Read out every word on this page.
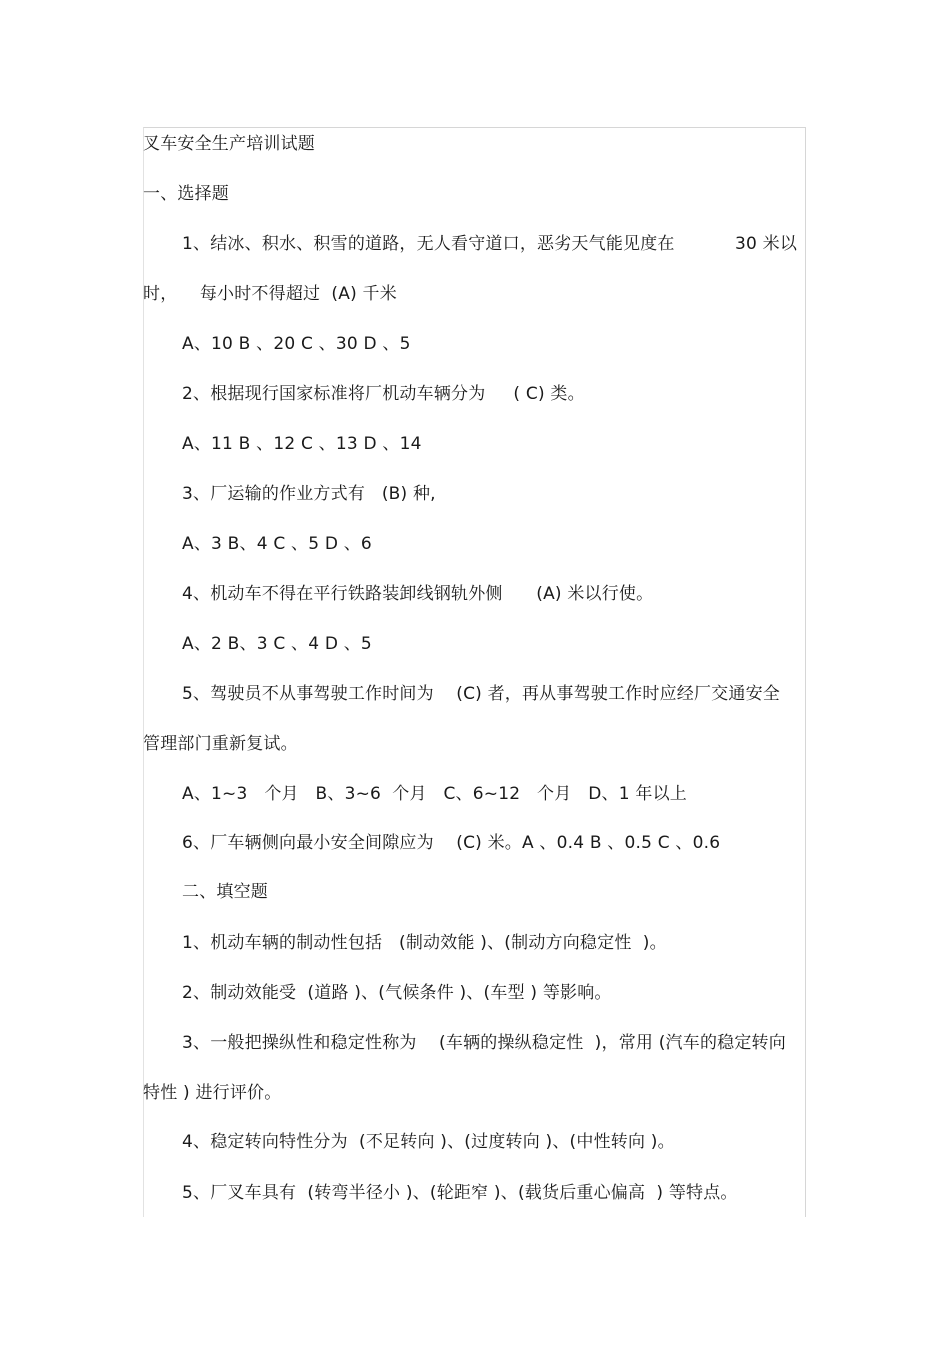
叉车安全生产培训试题
一、选择题
1、结冰、积水、积雪的道路，无人看守道口，恶劣天气能见度在	30 米以
时，    每小时不得超过  (A) 千米
A、10 B 、20 C 、30 D 、5
2、根据现行国家标准将厂机动车辆分为     ( C) 类。
A、11 B 、12 C 、13 D 、14
3、厂运输的作业方式有   (B) 种,
A、3 B、4 C 、5 D 、6
4、机动车不得在平行铁路装卸线钢轨外侧      (A) 米以行使。
A、2 B、3 C 、4 D 、5
5、驾驶员不从事驾驶工作时间为    (C) 者，再从事驾驶工作时应经厂交通安全
管理部门重新复试。
A、1~3   个月   B、3~6  个月   C、6~12   个月   D、1 年以上
6、厂车辆侧向最小安全间隙应为    (C) 米。A 、0.4 B 、0.5 C 、0.6
二、填空题
1、机动车辆的制动性包括   (制动效能 )、(制动方向稳定性  )。
2、制动效能受  (道路 )、(气候条件 )、(车型 ) 等影响。
3、一般把操纵性和稳定性称为    (车辆的操纵稳定性  )，常用 (汽车的稳定转向
特性 ) 进行评价。
4、稳定转向特性分为  (不足转向 )、(过度转向 )、(中性转向 )。
5、厂叉车具有  (转弯半径小 )、(轮距窄 )、(载货后重心偏高  ) 等特点。
